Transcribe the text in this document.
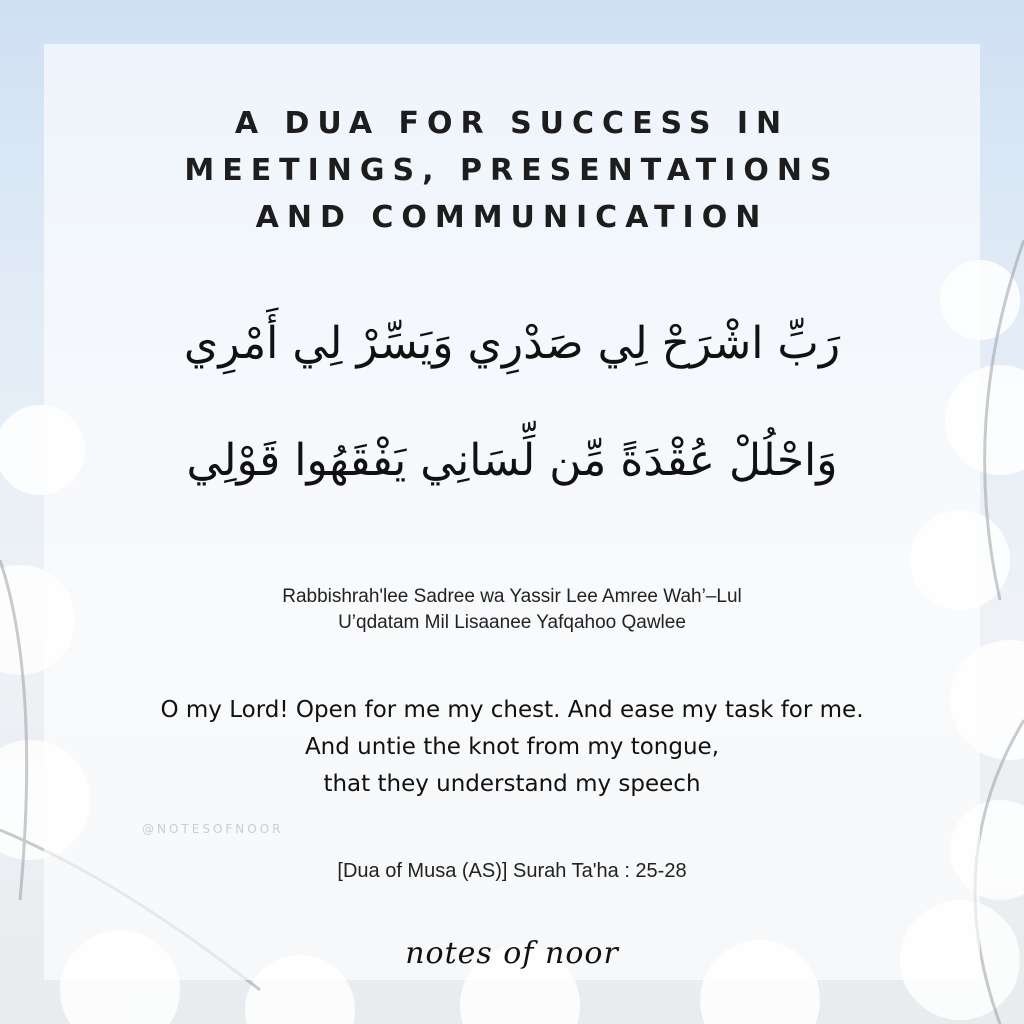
A DUA FOR SUCCESS IN
MEETINGS, PRESENTATIONS
AND COMMUNICATION
رَبِّ اشْرَحْ لِي صَدْرِي وَيَسِّرْ لِي أَمْرِي
وَاحْلُلْ عُقْدَةً مِّن لِّسَانِي يَفْقَهُوا قَوْلِي
Rabbishrah'lee Sadree wa Yassir Lee Amree Wah’–Lul
U’qdatam Mil Lisaanee Yafqahoo Qawlee
O my Lord! Open for me my chest. And ease my task for me.
And untie the knot from my tongue,
that they understand my speech
@NOTESOFNOOR
[Dua of Musa (AS)] Surah Ta'ha : 25-28
notes of noor
